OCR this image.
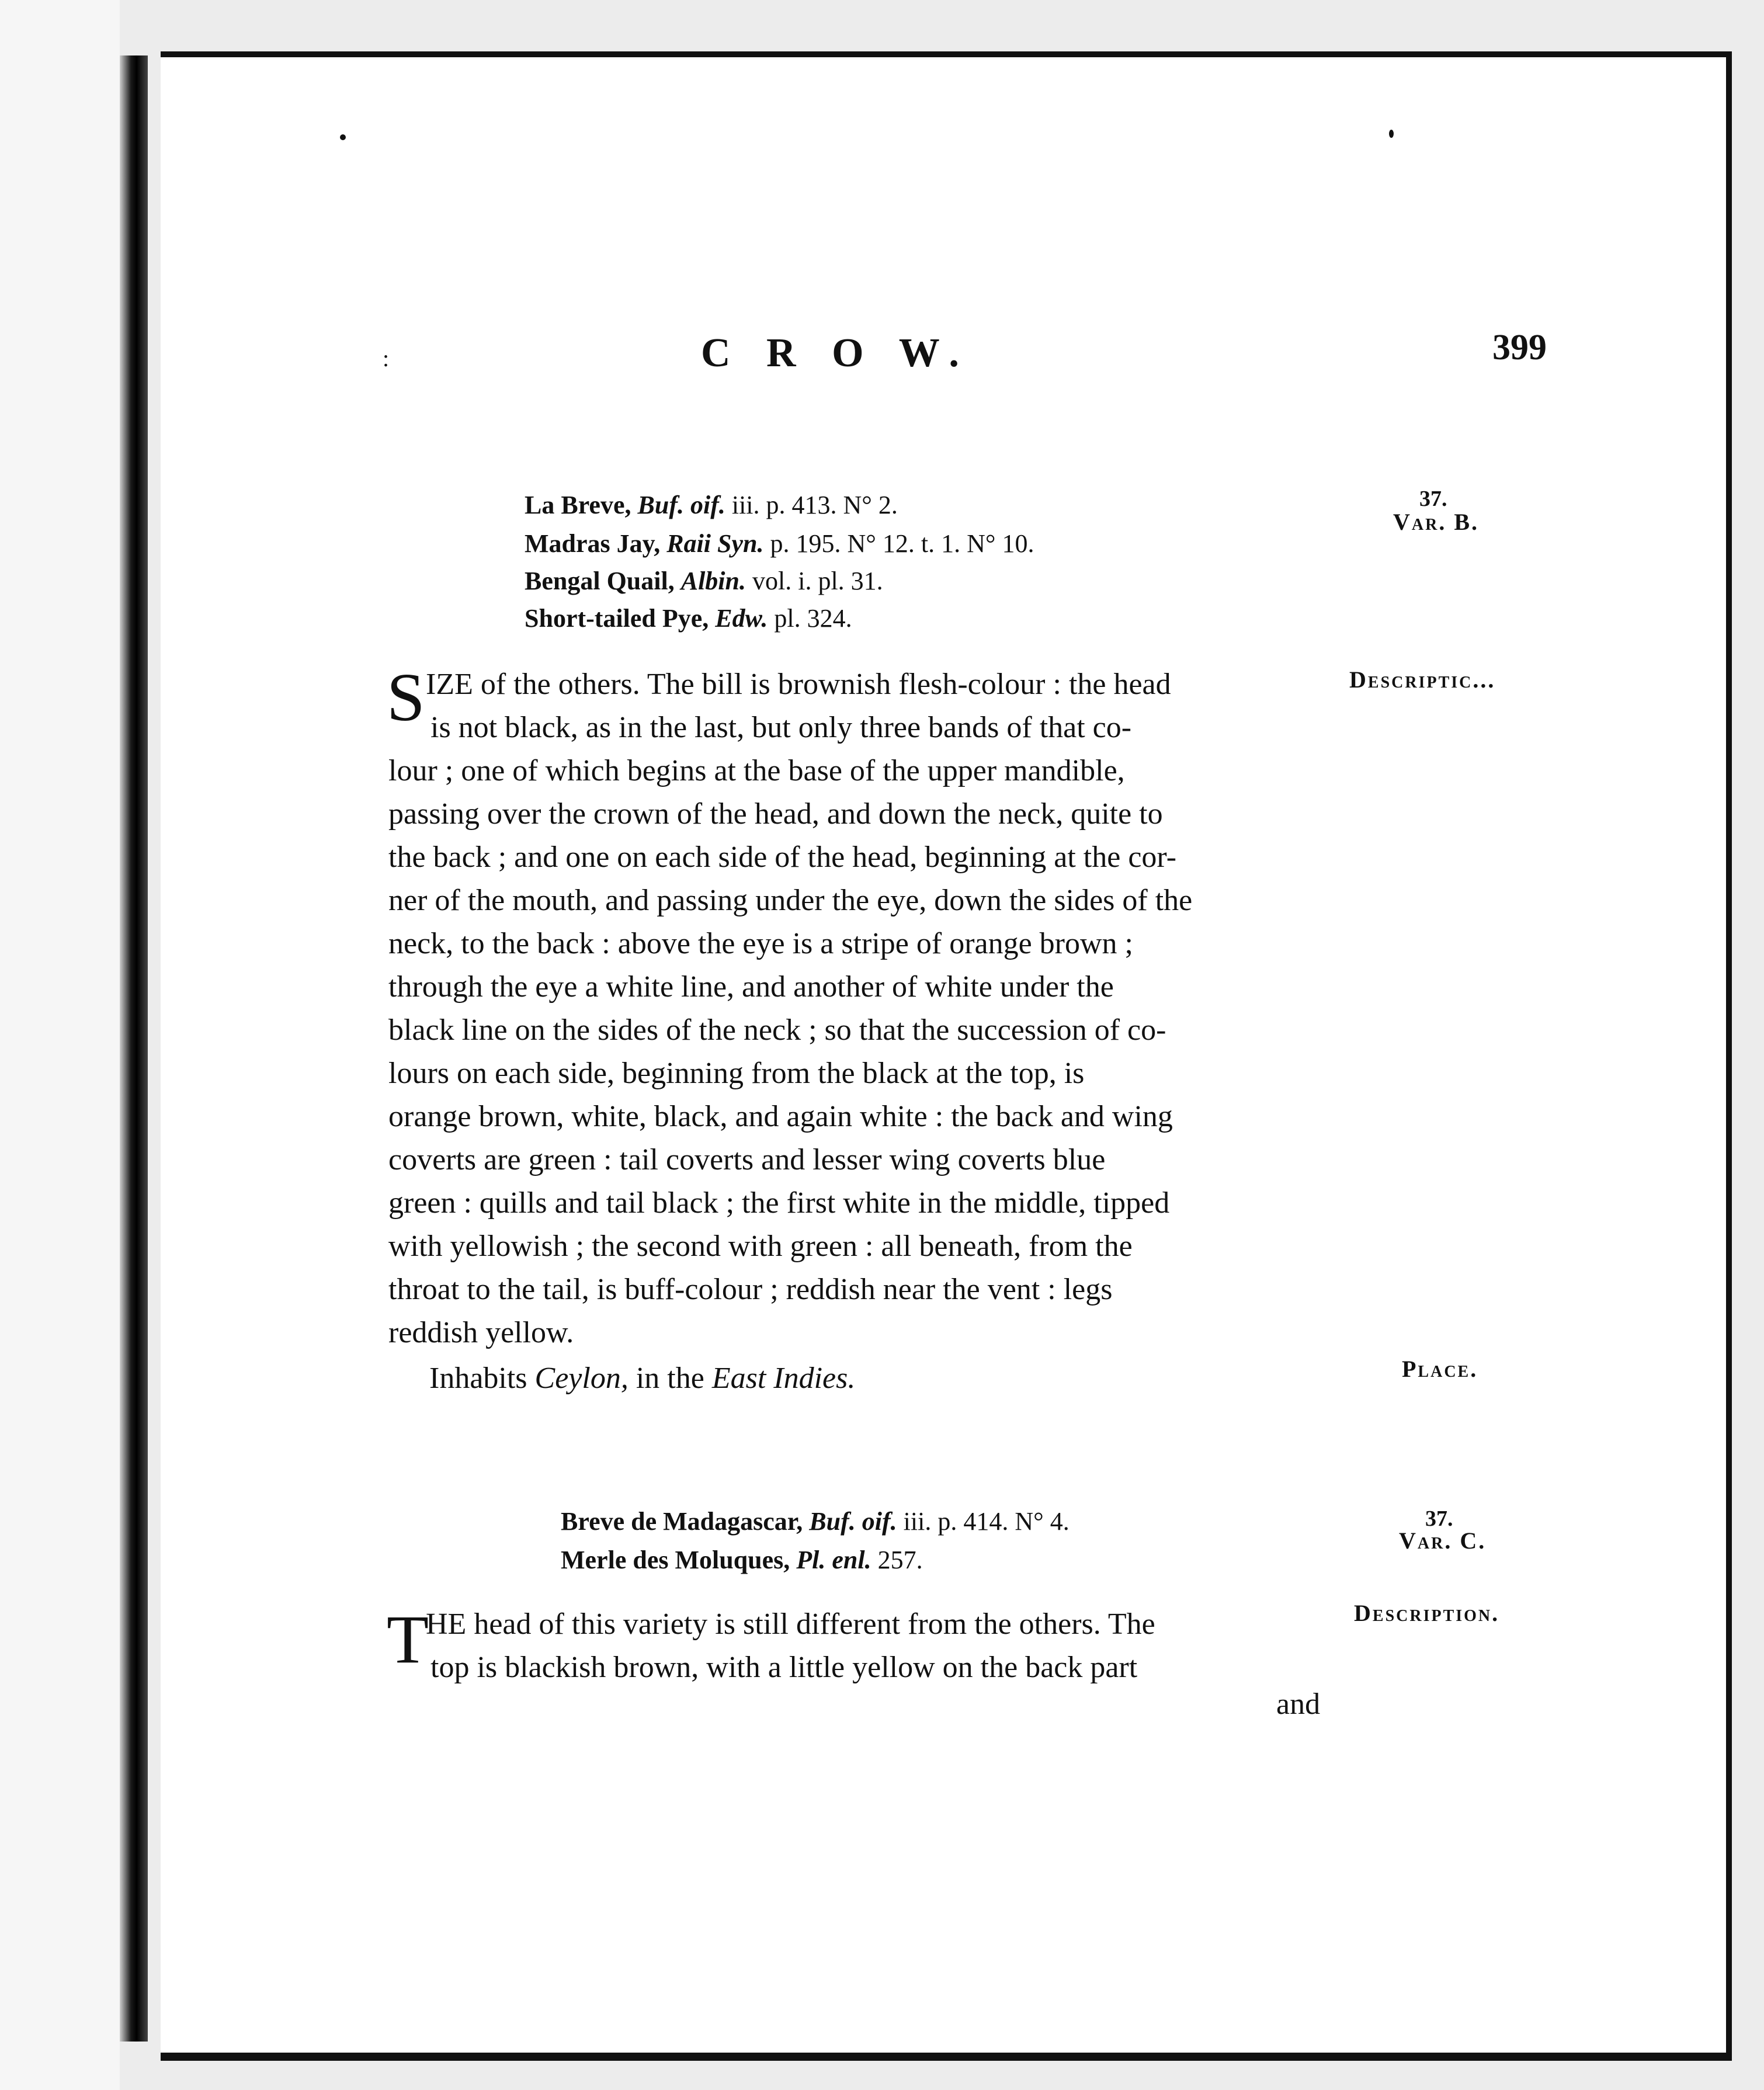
:	C R O W.	399
37.
Var. B.
La Breve, Buf. oif. iii. p. 413. N° 2.
Madras Jay, Raii Syn. p. 195. N° 12. t. 1. N° 10.
Bengal Quail, Albin. vol. i. pl. 31.
Short-tailed Pye, Edw. pl. 324.
Descriptic...
S IZE of the others. The bill is brownish flesh-colour : the head
is not black, as in the last, but only three bands of that co-
lour ; one of which begins at the base of the upper mandible,
passing over the crown of the head, and down the neck, quite to
the back ; and one on each side of the head, beginning at the cor-
ner of the mouth, and passing under the eye, down the sides of the
neck, to the back : above the eye is a stripe of orange brown ;
through the eye a white line, and another of white under the
black line on the sides of the neck ; so that the succession of co-
lours on each side, beginning from the black at the top, is
orange brown, white, black, and again white : the back and wing
coverts are green : tail coverts and lesser wing coverts blue
green : quills and tail black ; the first white in the middle, tipped
with yellowish ; the second with green : all beneath, from the
throat to the tail, is buff-colour ; reddish near the vent : legs
reddish yellow.
Place.
Inhabits Ceylon, in the East Indies.
37.
Var. C.
Breve de Madagascar, Buf. oif. iii. p. 414. N° 4.
Merle des Moluques, Pl. enl. 257.
Description.
T
HE head of this variety is still different from the others. The
top is blackish brown, with a little yellow on the back part
and
